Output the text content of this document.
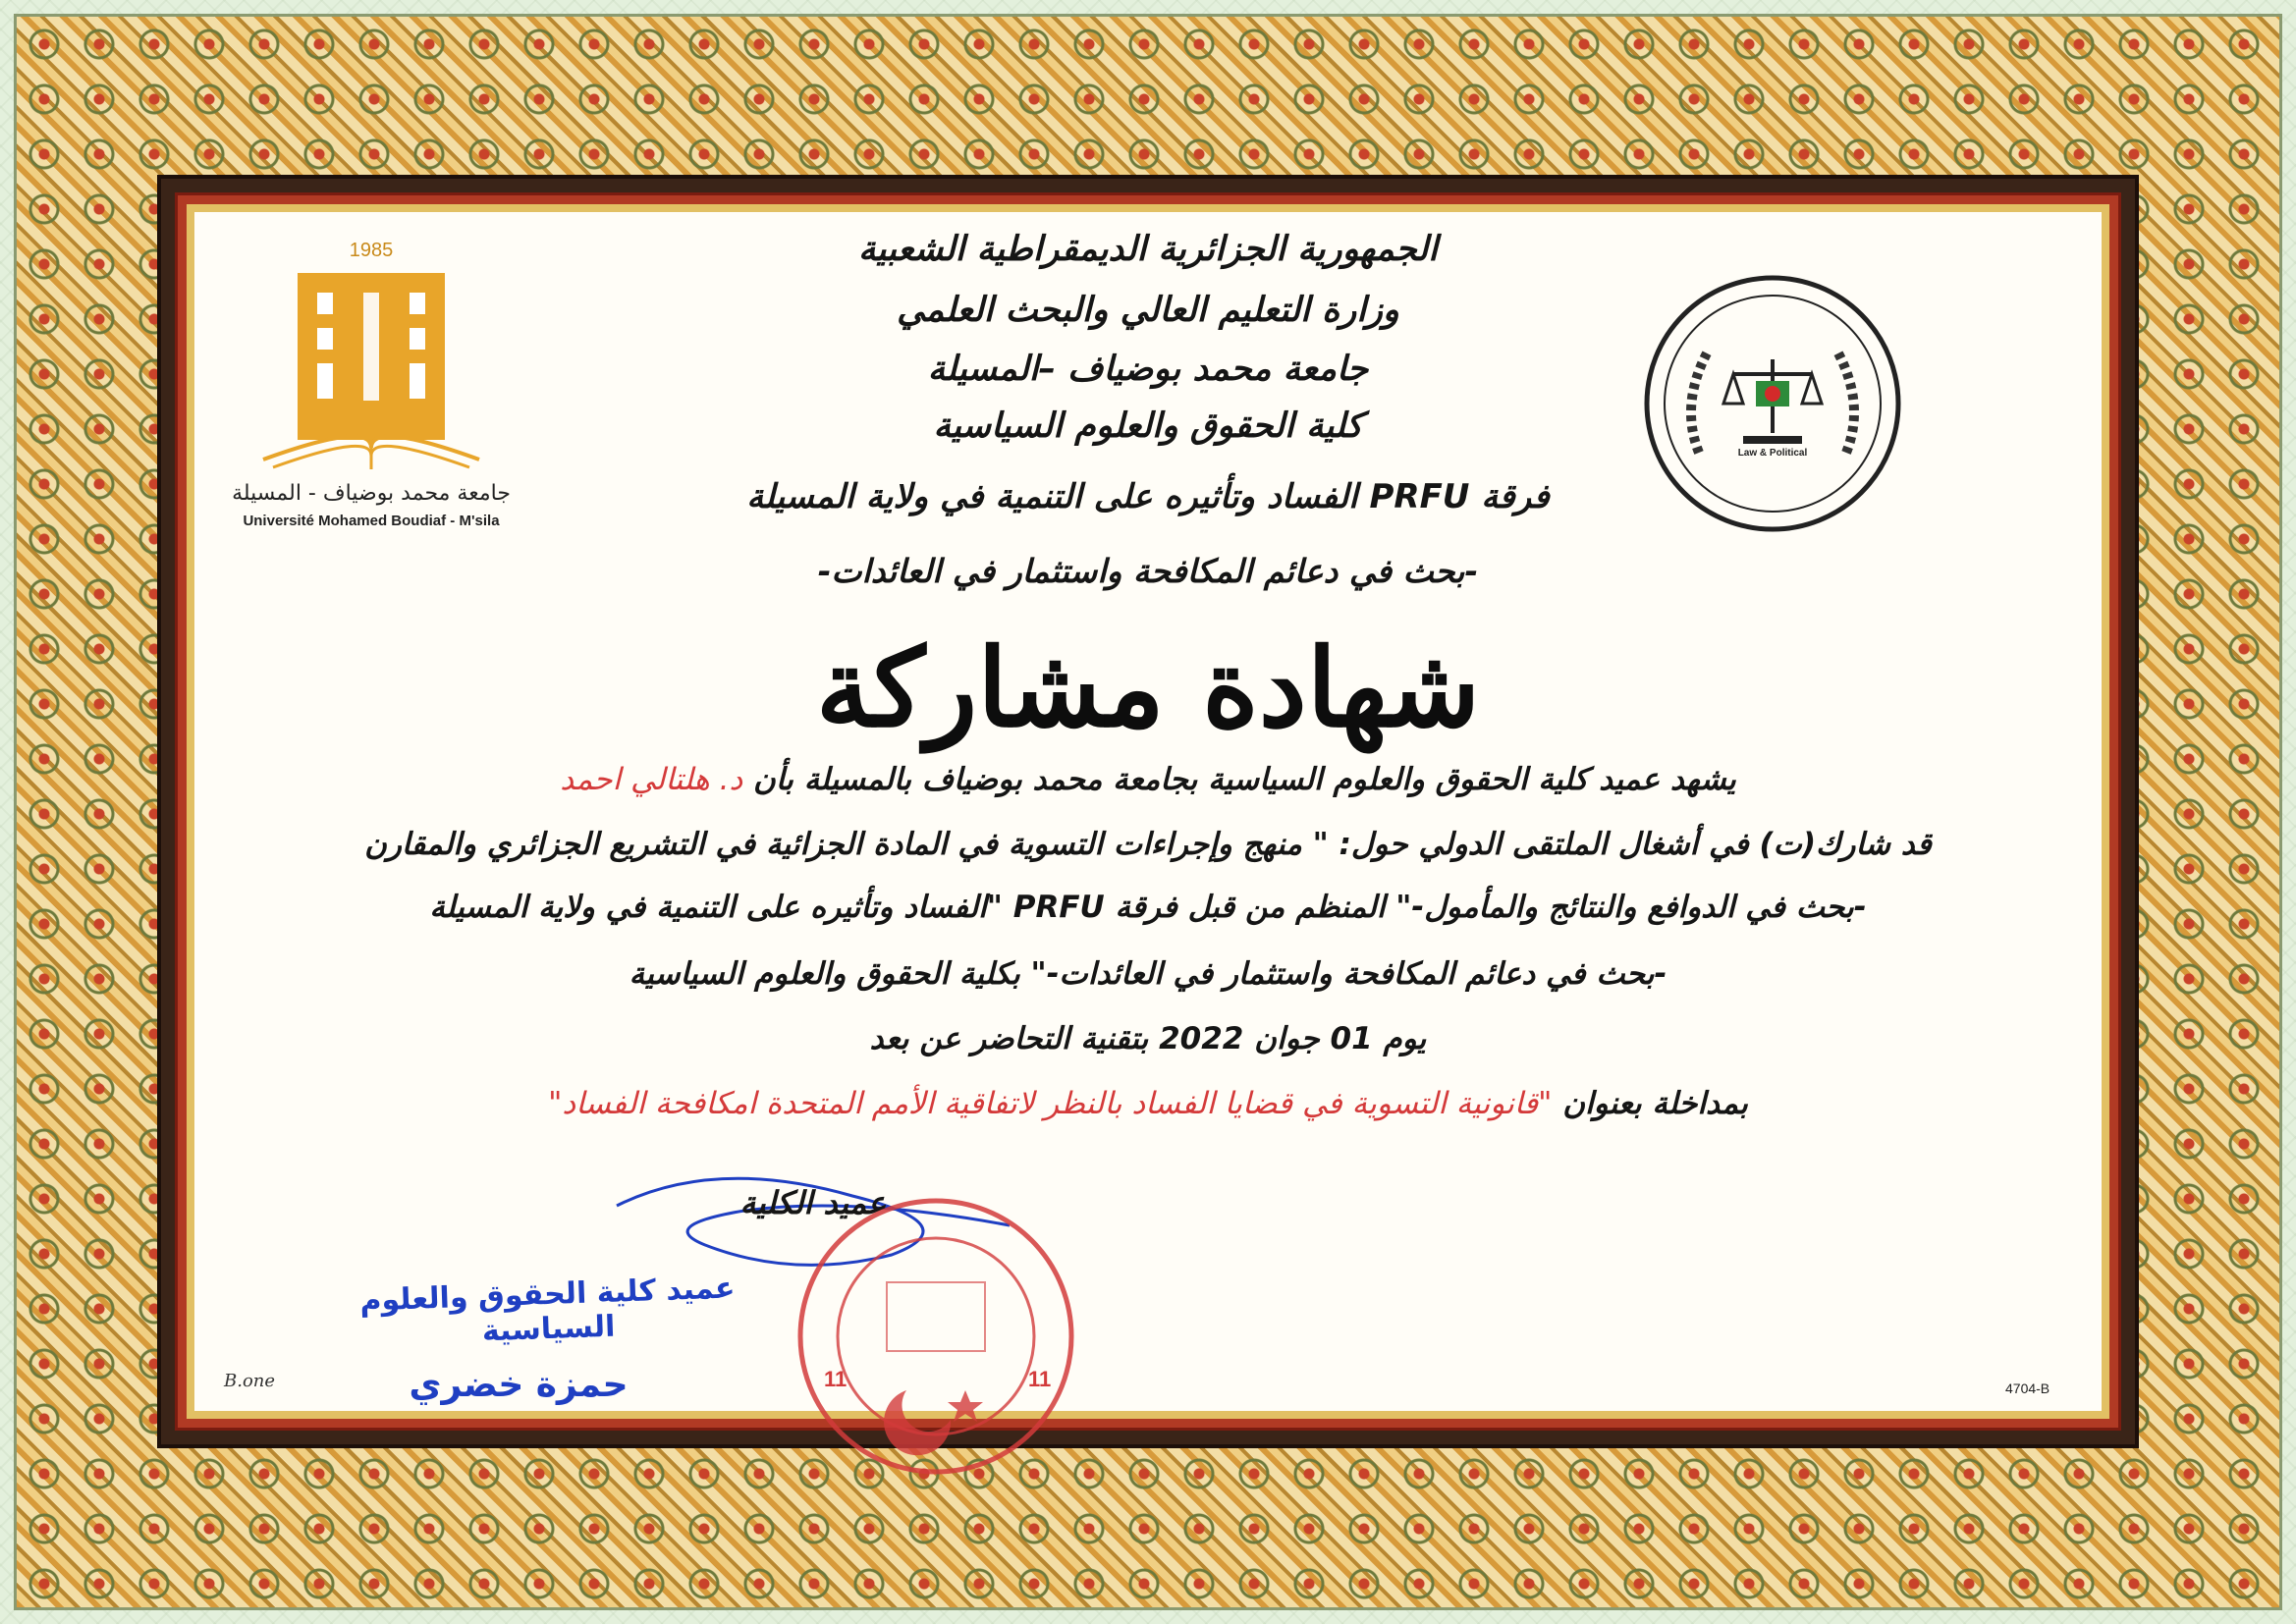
1985
جامعة محمد بوضياف - المسيلة
Université Mohamed Boudiaf - M'sila
Law & Political
الجمهورية الجزائرية الديمقراطية الشعبية
وزارة التعليم العالي والبحث العلمي
جامعة محمد بوضياف –المسيلة
كلية الحقوق والعلوم السياسية
فرقة PRFU الفساد وتأثيره على التنمية في ولاية المسيلة
-بحث في دعائم المكافحة واستثمار في العائدات-
شهادة مشاركة
يشهد عميد كلية الحقوق والعلوم السياسية بجامعة محمد بوضياف بالمسيلة بأن د. هلتالي احمد
قد شارك(ت) في أشغال الملتقى الدولي حول: " منهج وإجراءات التسوية في المادة الجزائية في التشريع الجزائري والمقارن
-بحث في الدوافع والنتائج والمأمول-" المنظم من قبل فرقة PRFU "الفساد وتأثيره على التنمية في ولاية المسيلة
-بحث في دعائم المكافحة واستثمار في العائدات-" بكلية الحقوق والعلوم السياسية
يوم 01 جوان 2022 بتقنية التحاضر عن بعد
بمداخلة بعنوان "قانونية التسوية في قضايا الفساد بالنظر لاتفاقية الأمم المتحدة امكافحة الفساد"
عميد الكلية
11	11
عميد كلية الحقوق والعلوم السياسية
حمزة خضري
B.one	4704-B
